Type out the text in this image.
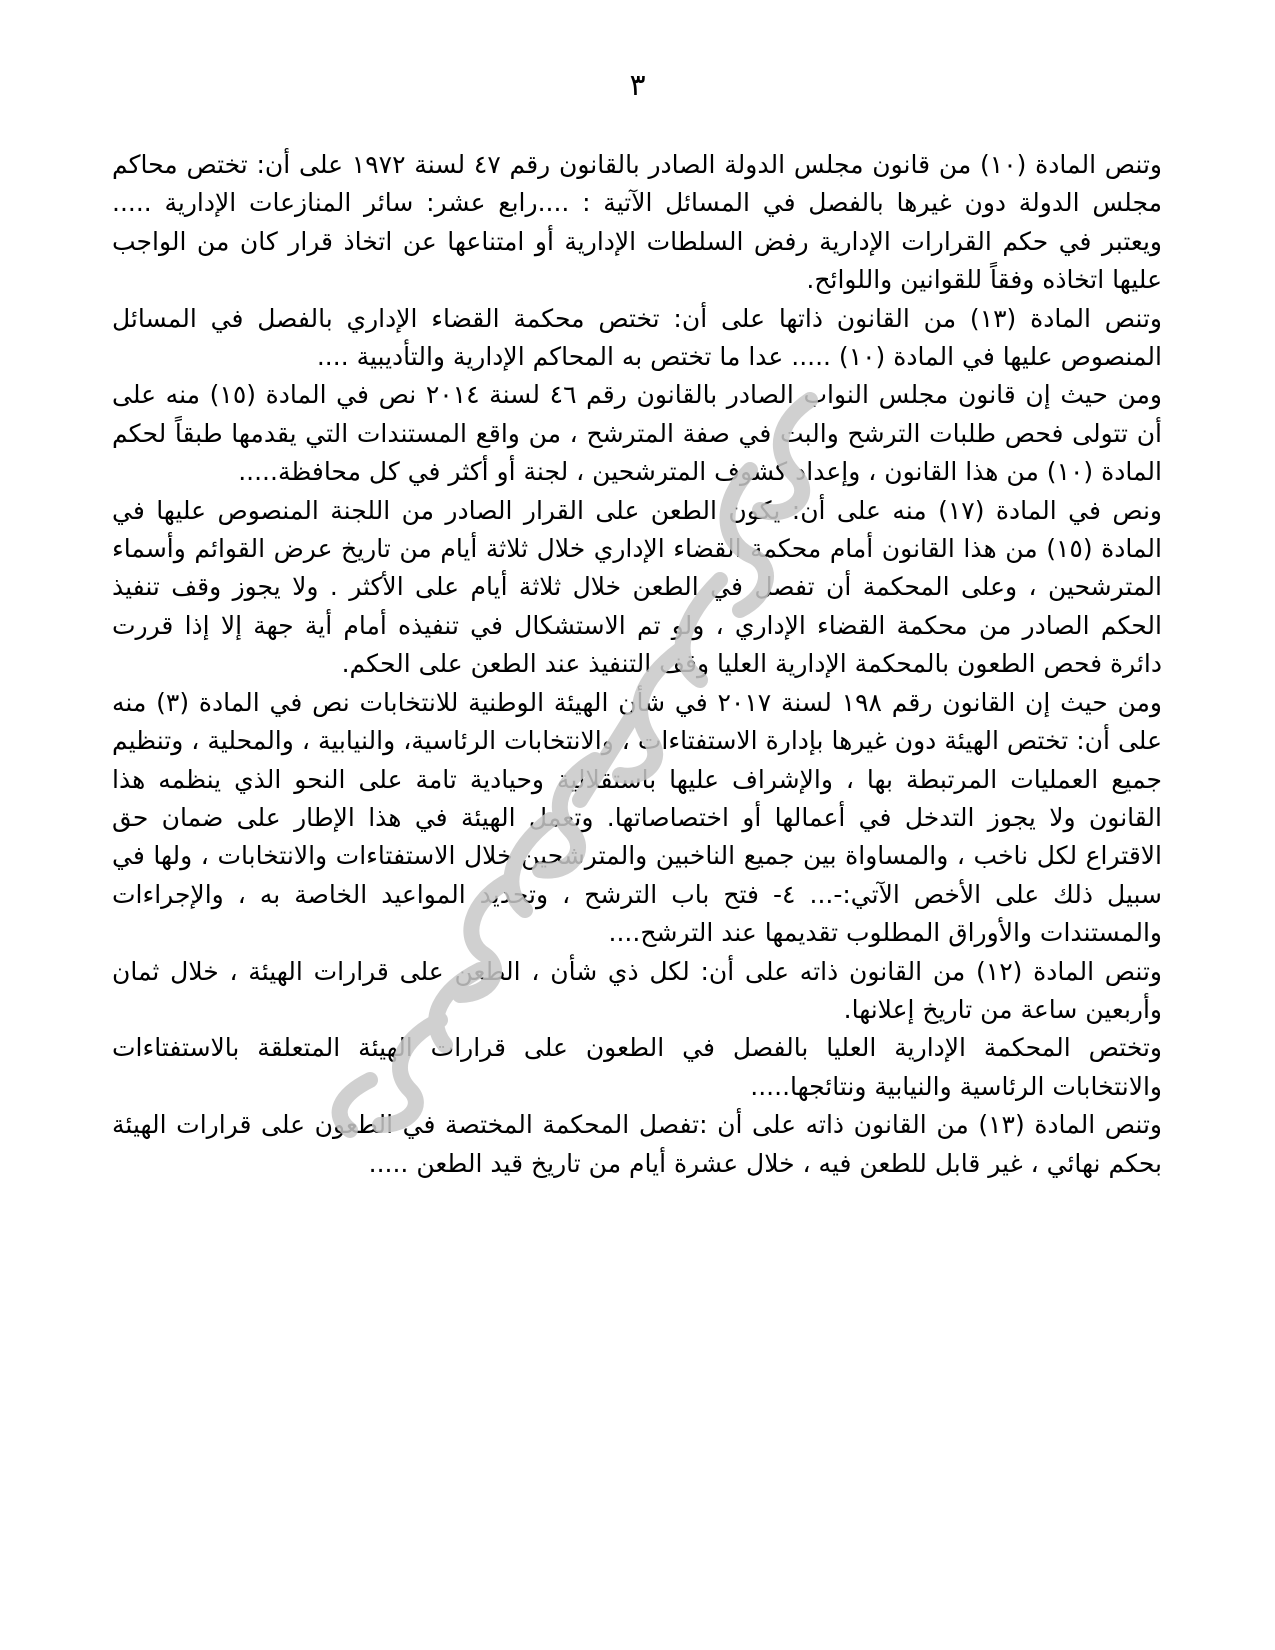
٣

وتنص المادة (١٠) من قانون مجلس الدولة الصادر بالقانون رقم ٤٧ لسنة ١٩٧٢ على أن: تختص محاكم مجلس الدولة دون غيرها بالفصل في المسائل الآتية : ....رابع عشر: سائر المنازعات الإدارية ..... ويعتبر في حكم القرارات الإدارية رفض السلطات الإدارية أو امتناعها عن اتخاذ قرار كان من الواجب عليها اتخاذه وفقاً للقوانين واللوائح.

وتنص المادة (١٣) من القانون ذاتها على أن: تختص محكمة القضاء الإداري بالفصل في المسائل المنصوص عليها في المادة (١٠) ..... عدا ما تختص به المحاكم الإدارية والتأديبية ....

ومن حيث إن قانون مجلس النواب الصادر بالقانون رقم ٤٦ لسنة ٢٠١٤ نص في المادة (١٥) منه على أن تتولى فحص طلبات الترشح والبت في صفة المترشح ، من واقع المستندات التي يقدمها طبقاً لحكم المادة (١٠) من هذا القانون ، وإعداد كشوف المترشحين ، لجنة أو أكثر في كل محافظة.....

ونص في المادة (١٧) منه على أن: يكون الطعن على القرار الصادر من اللجنة المنصوص عليها في المادة (١٥) من هذا القانون أمام محكمة القضاء الإداري خلال ثلاثة أيام من تاريخ عرض القوائم وأسماء المترشحين ، وعلى المحكمة أن تفصل في الطعن خلال ثلاثة أيام على الأكثر . ولا يجوز وقف تنفيذ الحكم الصادر من محكمة القضاء الإداري ، ولو تم الاستشكال في تنفيذه أمام أية جهة إلا إذا قررت دائرة فحص الطعون بالمحكمة الإدارية العليا وقف التنفيذ عند الطعن على الحكم.

ومن حيث إن القانون رقم ١٩٨ لسنة ٢٠١٧ في شأن الهيئة الوطنية للانتخابات نص في المادة (٣) منه على أن: تختص الهيئة دون غيرها بإدارة الاستفتاءات ، والانتخابات الرئاسية، والنيابية ، والمحلية ، وتنظيم جميع العمليات المرتبطة بها ، والإشراف عليها باستقلالية وحيادية تامة على النحو الذي ينظمه هذا القانون ولا يجوز التدخل في أعمالها أو اختصاصاتها. وتعمل الهيئة في هذا الإطار على ضمان حق الاقتراع لكل ناخب ، والمساواة بين جميع الناخبين والمترشحين خلال الاستفتاءات والانتخابات ، ولها في سبيل ذلك على الأخص الآتي:-... ٤- فتح باب الترشح ، وتحديد المواعيد الخاصة به ، والإجراءات والمستندات والأوراق المطلوب تقديمها عند الترشح....

وتنص المادة (١٢) من القانون ذاته على أن: لكل ذي شأن ، الطعن على قرارات الهيئة ، خلال ثمان وأربعين ساعة من تاريخ إعلانها.

وتختص المحكمة الإدارية العليا بالفصل في الطعون على قرارات الهيئة المتعلقة بالاستفتاءات والانتخابات الرئاسية والنيابية ونتائجها.....

وتنص المادة (١٣) من القانون ذاته على أن :تفصل المحكمة المختصة في الطعون على قرارات الهيئة بحكم نهائي ، غير قابل للطعن فيه ، خلال عشرة أيام من تاريخ قيد الطعن .....
